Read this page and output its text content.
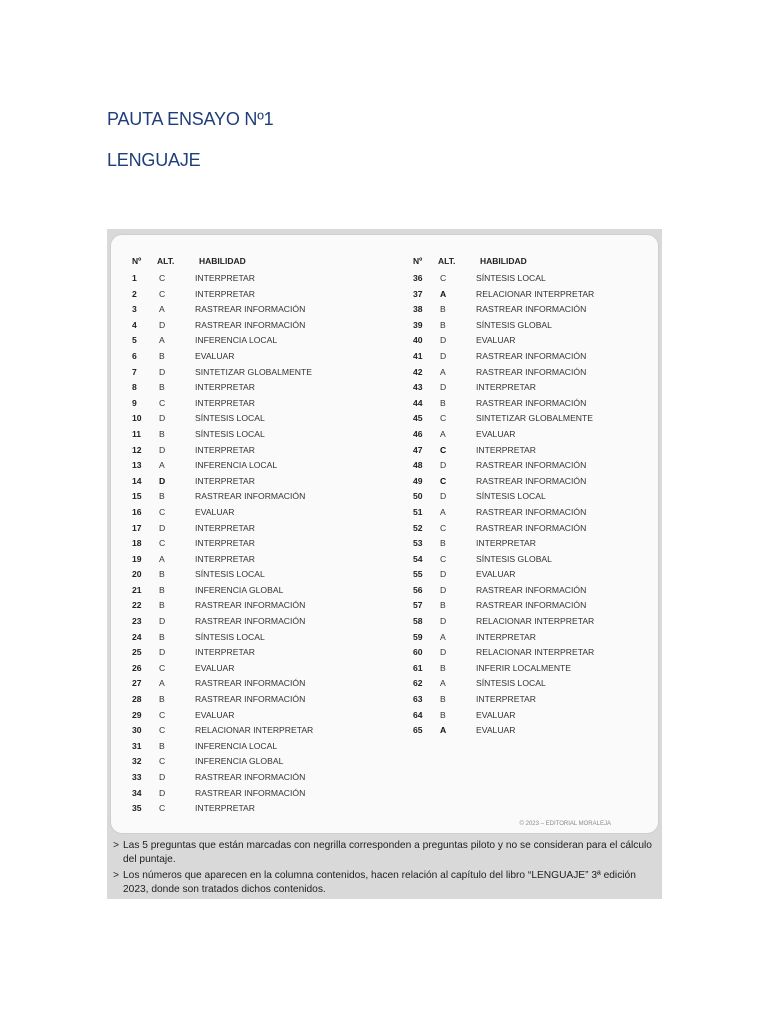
PAUTA ENSAYO Nº1
LENGUAJE
Nº	ALT.	HABILIDAD
1	C	INTERPRETAR
2	C	INTERPRETAR
3	A	RASTREAR INFORMACIÓN
4	D	RASTREAR INFORMACIÓN
5	A	INFERENCIA LOCAL
6	B	EVALUAR
7	D	SINTETIZAR GLOBALMENTE
8	B	INTERPRETAR
9	C	INTERPRETAR
10	D	SÍNTESIS LOCAL
11	B	SÍNTESIS LOCAL
12	D	INTERPRETAR
13	A	INFERENCIA LOCAL
14	D	INTERPRETAR
15	B	RASTREAR INFORMACIÓN
16	C	EVALUAR
17	D	INTERPRETAR
18	C	INTERPRETAR
19	A	INTERPRETAR
20	B	SÍNTESIS LOCAL
21	B	INFERENCIA GLOBAL
22	B	RASTREAR INFORMACIÓN
23	D	RASTREAR INFORMACIÓN
24	B	SÍNTESIS LOCAL
25	D	INTERPRETAR
26	C	EVALUAR
27	A	RASTREAR INFORMACIÓN
28	B	RASTREAR INFORMACIÓN
29	C	EVALUAR
30	C	RELACIONAR INTERPRETAR
31	B	INFERENCIA LOCAL
32	C	INFERENCIA GLOBAL
33	D	RASTREAR INFORMACIÓN
34	D	RASTREAR INFORMACIÓN
35	C	INTERPRETAR
Nº	ALT.	HABILIDAD
36	C	SÍNTESIS LOCAL
37	A	RELACIONAR INTERPRETAR
38	B	RASTREAR INFORMACIÓN
39	B	SÍNTESIS GLOBAL
40	D	EVALUAR
41	D	RASTREAR INFORMACIÓN
42	A	RASTREAR INFORMACIÓN
43	D	INTERPRETAR
44	B	RASTREAR INFORMACIÓN
45	C	SINTETIZAR GLOBALMENTE
46	A	EVALUAR
47	C	INTERPRETAR
48	D	RASTREAR INFORMACIÓN
49	C	RASTREAR INFORMACIÓN
50	D	SÍNTESIS LOCAL
51	A	RASTREAR INFORMACIÓN
52	C	RASTREAR INFORMACIÓN
53	B	INTERPRETAR
54	C	SÍNTESIS GLOBAL
55	D	EVALUAR
56	D	RASTREAR INFORMACIÓN
57	B	RASTREAR INFORMACIÓN
58	D	RELACIONAR INTERPRETAR
59	A	INTERPRETAR
60	D	RELACIONAR INTERPRETAR
61	B	INFERIR LOCALMENTE
62	A	SÍNTESIS LOCAL
63	B	INTERPRETAR
64	B	EVALUAR
65	A	EVALUAR
© 2023 – EDITORIAL MORALEJA
> Las 5 preguntas que están marcadas con negrilla corresponden a preguntas piloto y no se consideran para el cálculo del puntaje.
> Los números que aparecen en la columna contenidos, hacen relación al capítulo del libro “LENGUAJE” 3ª edición 2023, donde son tratados dichos contenidos.
